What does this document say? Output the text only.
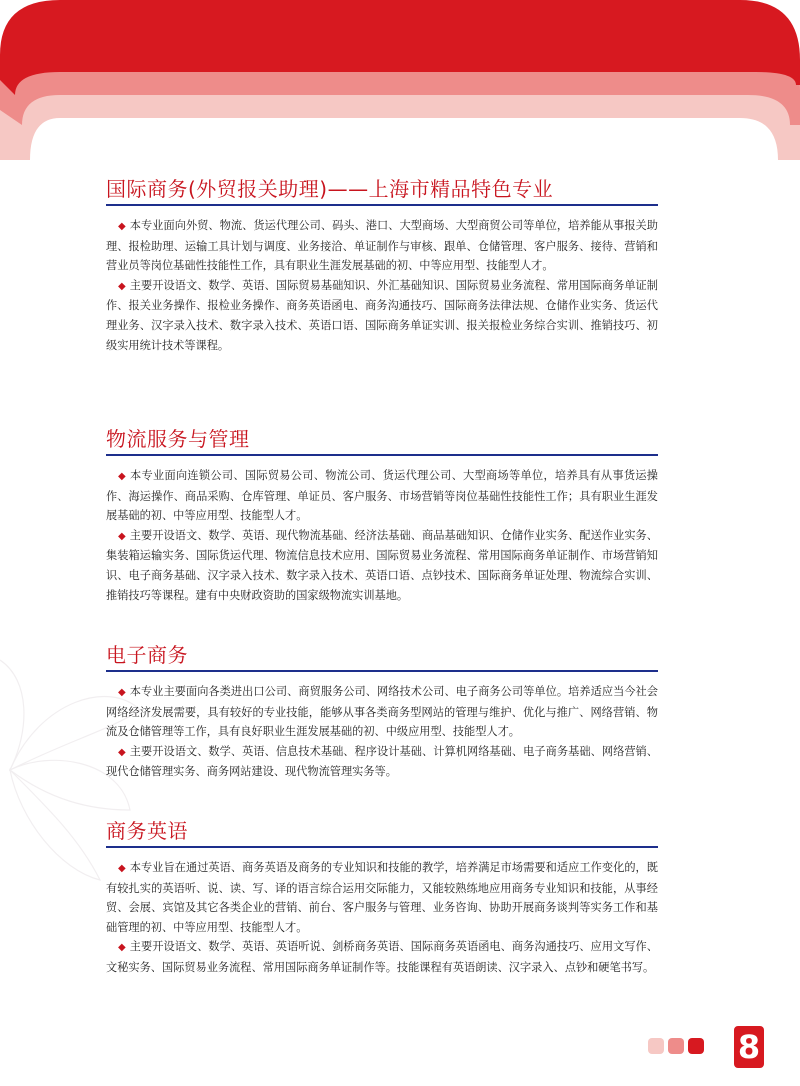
国际商务(外贸报关助理)——上海市精品特色专业

◆ 本专业面向外贸、物流、货运代理公司、码头、港口、大型商场、大型商贸公司等单位，培养能从事报关助理、报检助理、运输工具计划与调度、业务接洽、单证制作与审核、跟单、仓储管理、客户服务、接待、营销和营业员等岗位基础性技能性工作，具有职业生涯发展基础的初、中等应用型、技能型人才。

◆ 主要开设语文、数学、英语、国际贸易基础知识、外汇基础知识、国际贸易业务流程、常用国际商务单证制作、报关业务操作、报检业务操作、商务英语函电、商务沟通技巧、国际商务法律法规、仓储作业实务、货运代理业务、汉字录入技术、数字录入技术、英语口语、国际商务单证实训、报关报检业务综合实训、推销技巧、初级实用统计技术等课程。

物流服务与管理

◆ 本专业面向连锁公司、国际贸易公司、物流公司、货运代理公司、大型商场等单位，培养具有从事货运操作、海运操作、商品采购、仓库管理、单证员、客户服务、市场营销等岗位基础性技能性工作；具有职业生涯发展基础的初、中等应用型、技能型人才。

◆ 主要开设语文、数学、英语、现代物流基础、经济法基础、商品基础知识、仓储作业实务、配送作业实务、集装箱运输实务、国际货运代理、物流信息技术应用、国际贸易业务流程、常用国际商务单证制作、市场营销知识、电子商务基础、汉字录入技术、数字录入技术、英语口语、点钞技术、国际商务单证处理、物流综合实训、推销技巧等课程。建有中央财政资助的国家级物流实训基地。

电子商务

◆ 本专业主要面向各类进出口公司、商贸服务公司、网络技术公司、电子商务公司等单位。培养适应当今社会网络经济发展需要，具有较好的专业技能，能够从事各类商务型网站的管理与维护、优化与推广、网络营销、物流及仓储管理等工作，具有良好职业生涯发展基础的初、中级应用型、技能型人才。

◆ 主要开设语文、数学、英语、信息技术基础、程序设计基础、计算机网络基础、电子商务基础、网络营销、现代仓储管理实务、商务网站建设、现代物流管理实务等。

商务英语

◆ 本专业旨在通过英语、商务英语及商务的专业知识和技能的教学，培养满足市场需要和适应工作变化的，既有较扎实的英语听、说、读、写、译的语言综合运用交际能力，又能较熟练地应用商务专业知识和技能，从事经贸、会展、宾馆及其它各类企业的营销、前台、客户服务与管理、业务咨询、协助开展商务谈判等实务工作和基础管理的初、中等应用型、技能型人才。

◆ 主要开设语文、数学、英语、英语听说、剑桥商务英语、国际商务英语函电、商务沟通技巧、应用文写作、文秘实务、国际贸易业务流程、常用国际商务单证制作等。技能课程有英语朗读、汉字录入、点钞和硬笔书写。

8
